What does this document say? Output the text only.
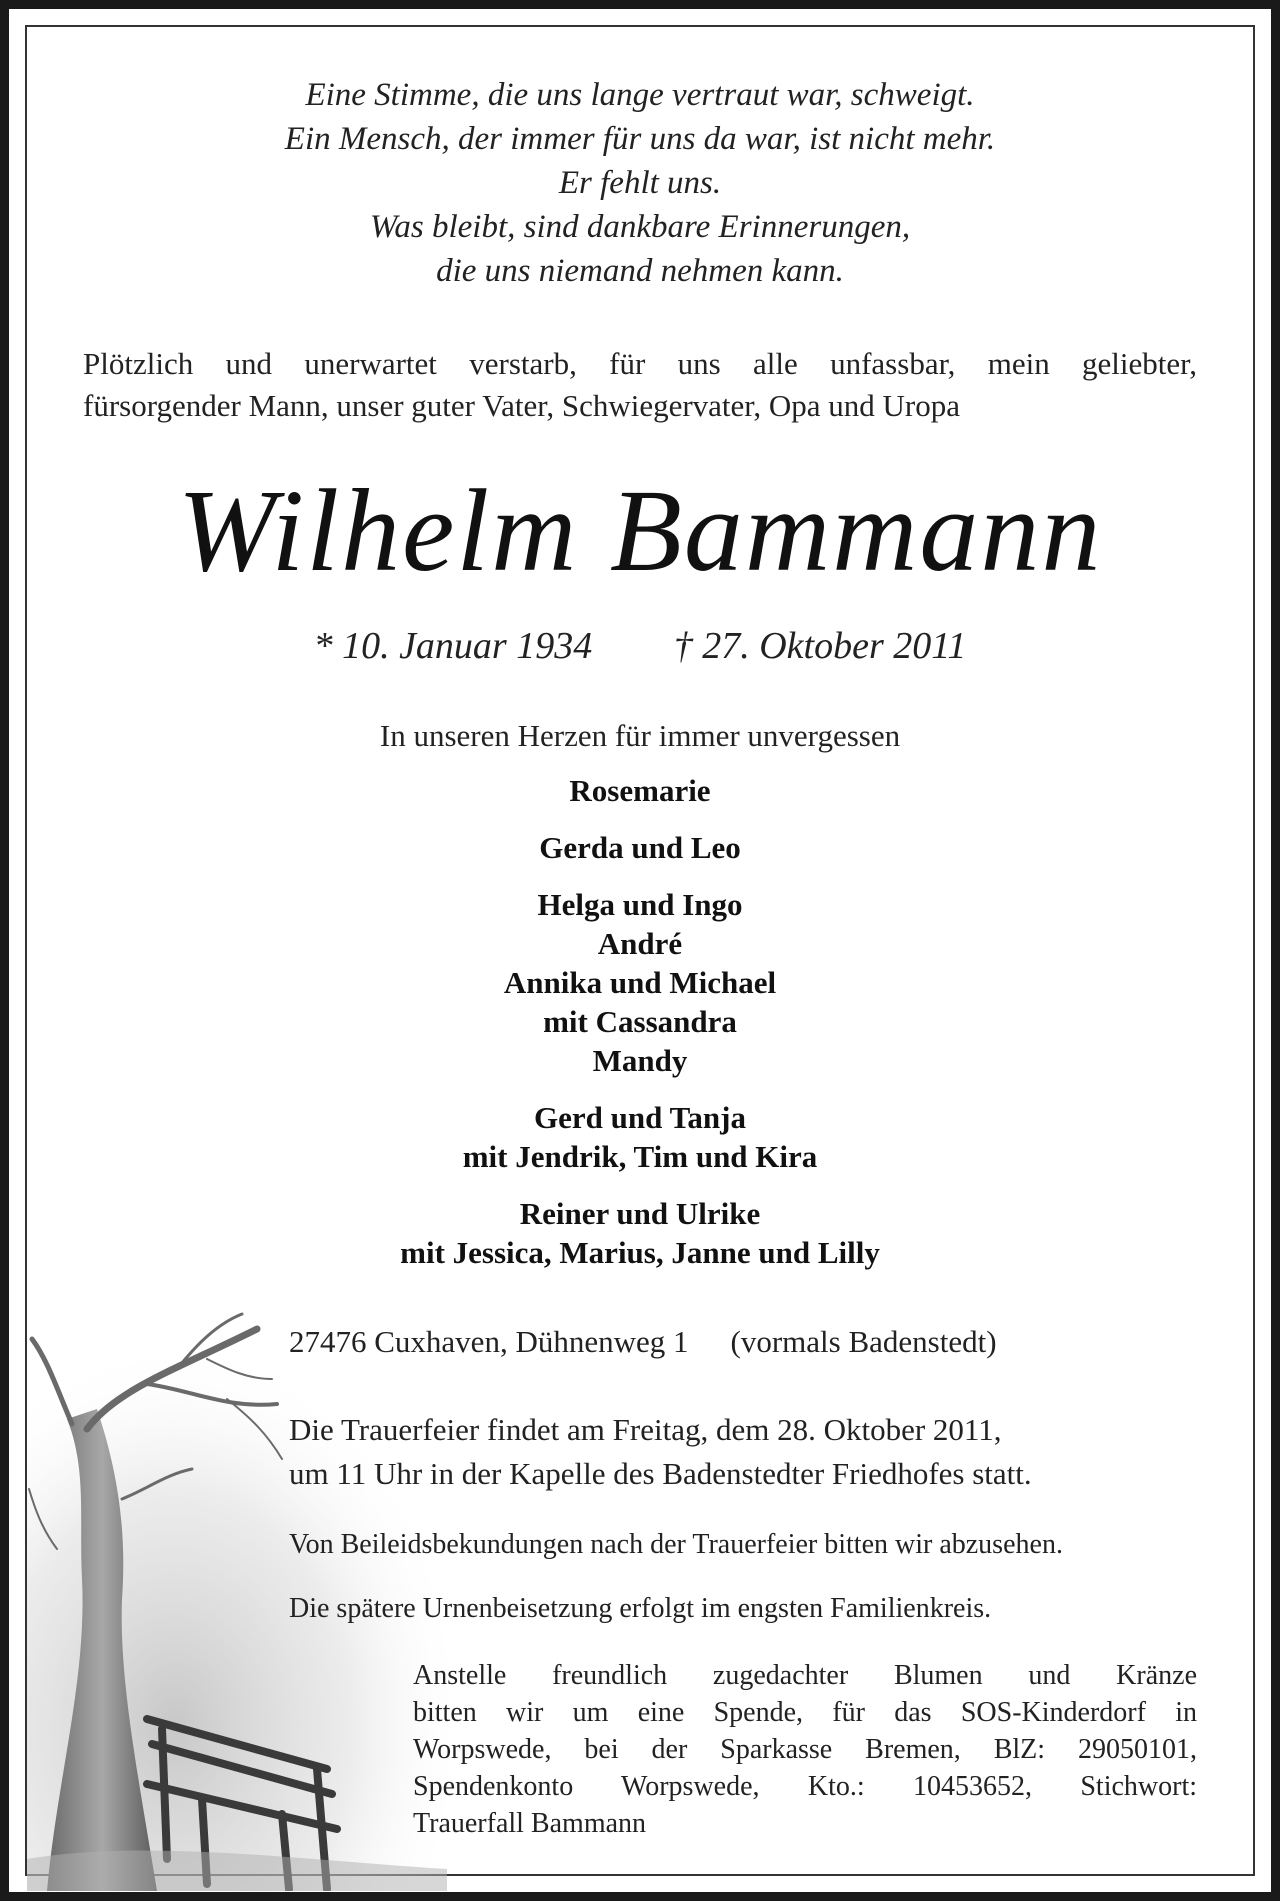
Eine Stimme, die uns lange vertraut war, schweigt.
Ein Mensch, der immer für uns da war, ist nicht mehr.
Er fehlt uns.
Was bleibt, sind dankbare Erinnerungen,
die uns niemand nehmen kann.
Plötzlich und unerwartet verstarb, für uns alle unfassbar, mein geliebter,
fürsorgender Mann, unser guter Vater, Schwiegervater, Opa und Uropa
Wilhelm Bammann
* 10. Januar 1934 † 27. Oktober 2011
In unseren Herzen für immer unvergessen
Rosemarie
Gerda und Leo
Helga und Ingo
André
Annika und Michael
mit Cassandra
Mandy
Gerd und Tanja
mit Jendrik, Tim und Kira
Reiner und Ulrike
mit Jessica, Marius, Janne und Lilly
27476 Cuxhaven, Dühnenweg 1 (vormals Badenstedt)
Die Trauerfeier findet am Freitag, dem 28. Oktober 2011,
um 11 Uhr in der Kapelle des Badenstedter Friedhofes statt.
Von Beileidsbekundungen nach der Trauerfeier bitten wir abzusehen.
Die spätere Urnenbeisetzung erfolgt im engsten Familienkreis.
Anstelle freundlich zugedachter Blumen und Kränze
bitten wir um eine Spende, für das SOS-Kinderdorf in
Worpswede, bei der Sparkasse Bremen, BlZ: 29050101,
Spendenkonto Worpswede, Kto.: 10453652, Stichwort:
Trauerfall Bammann
